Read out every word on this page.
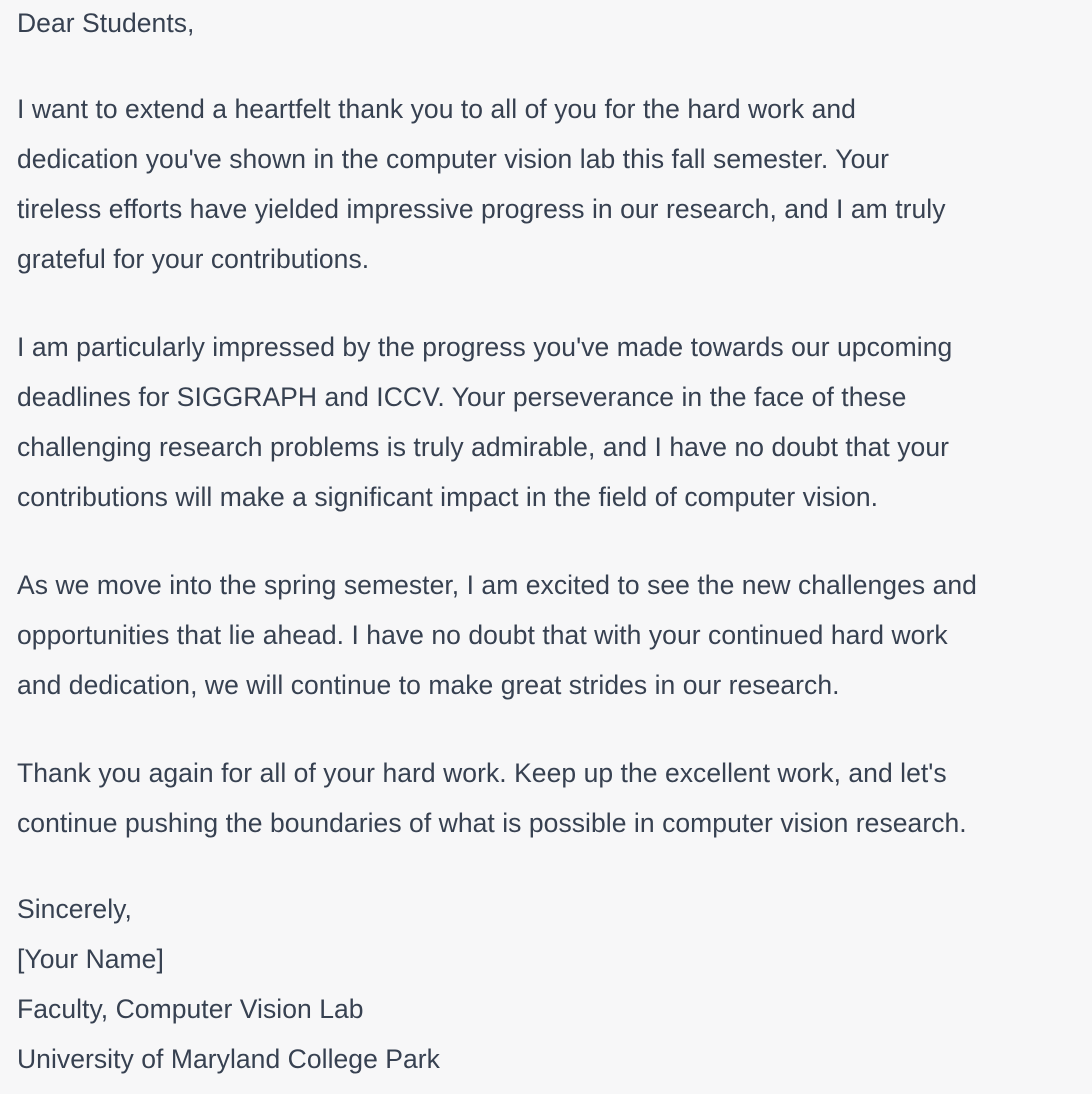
Dear Students,

I want to extend a heartfelt thank you to all of you for the hard work and
dedication you've shown in the computer vision lab this fall semester. Your
tireless efforts have yielded impressive progress in our research, and I am truly
grateful for your contributions.

I am particularly impressed by the progress you've made towards our upcoming
deadlines for SIGGRAPH and ICCV. Your perseverance in the face of these
challenging research problems is truly admirable, and I have no doubt that your
contributions will make a significant impact in the field of computer vision.

As we move into the spring semester, I am excited to see the new challenges and
opportunities that lie ahead. I have no doubt that with your continued hard work
and dedication, we will continue to make great strides in our research.

Thank you again for all of your hard work. Keep up the excellent work, and let's
continue pushing the boundaries of what is possible in computer vision research.

Sincerely,
[Your Name]
Faculty, Computer Vision Lab
University of Maryland College Park
